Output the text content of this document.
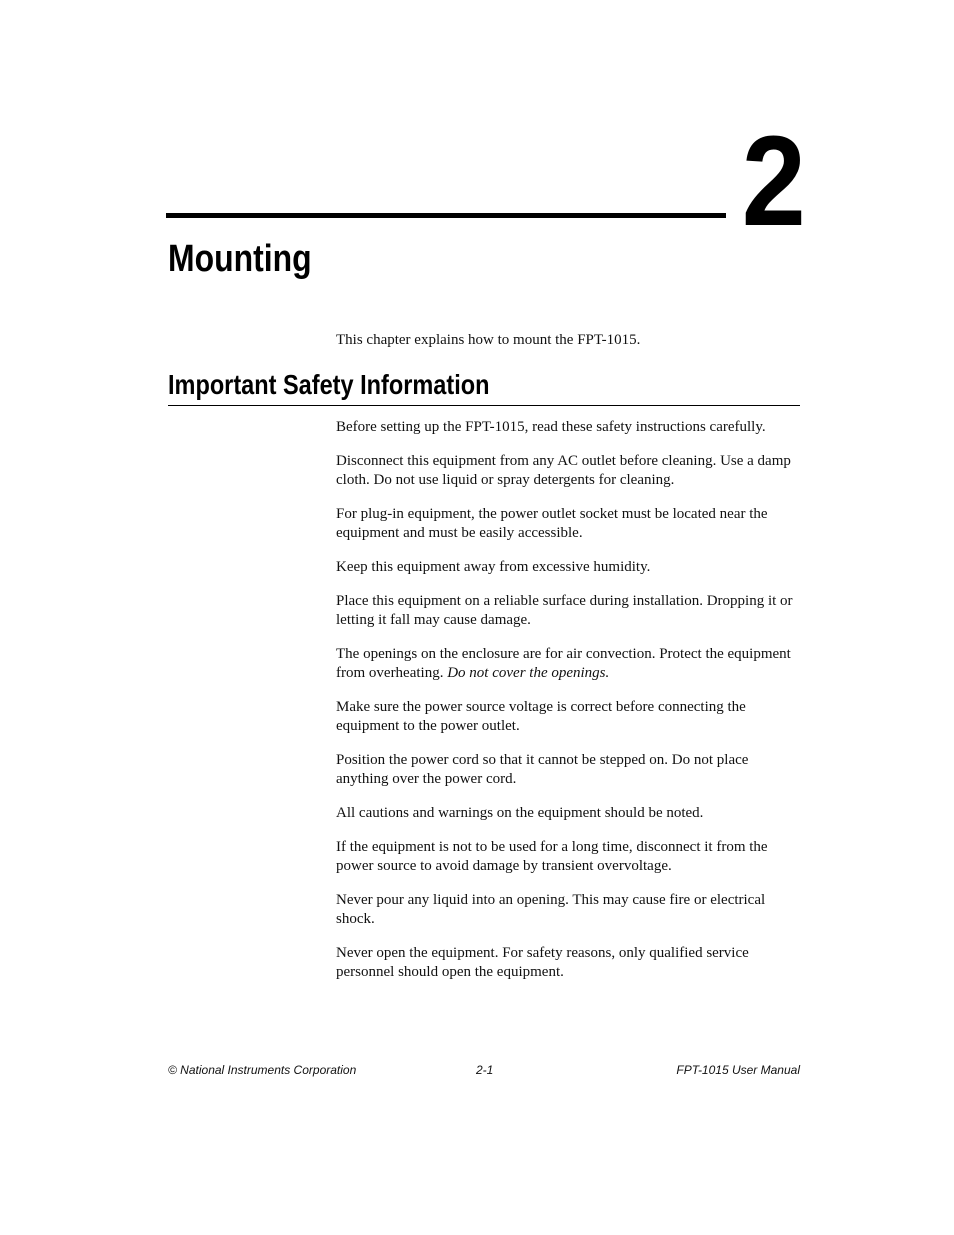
2
Mounting

This chapter explains how to mount the FPT-1015.

Important Safety Information

Before setting up the FPT-1015, read these safety instructions carefully.

Disconnect this equipment from any AC outlet before cleaning. Use a damp cloth. Do not use liquid or spray detergents for cleaning.

For plug-in equipment, the power outlet socket must be located near the equipment and must be easily accessible.

Keep this equipment away from excessive humidity.

Place this equipment on a reliable surface during installation. Dropping it or letting it fall may cause damage.

The openings on the enclosure are for air convection. Protect the equipment from overheating. Do not cover the openings.

Make sure the power source voltage is correct before connecting the equipment to the power outlet.

Position the power cord so that it cannot be stepped on. Do not place anything over the power cord.

All cautions and warnings on the equipment should be noted.

If the equipment is not to be used for a long time, disconnect it from the power source to avoid damage by transient overvoltage.

Never pour any liquid into an opening. This may cause fire or electrical shock.

Never open the equipment. For safety reasons, only qualified service personnel should open the equipment.

© National Instruments Corporation	2-1	FPT-1015 User Manual
